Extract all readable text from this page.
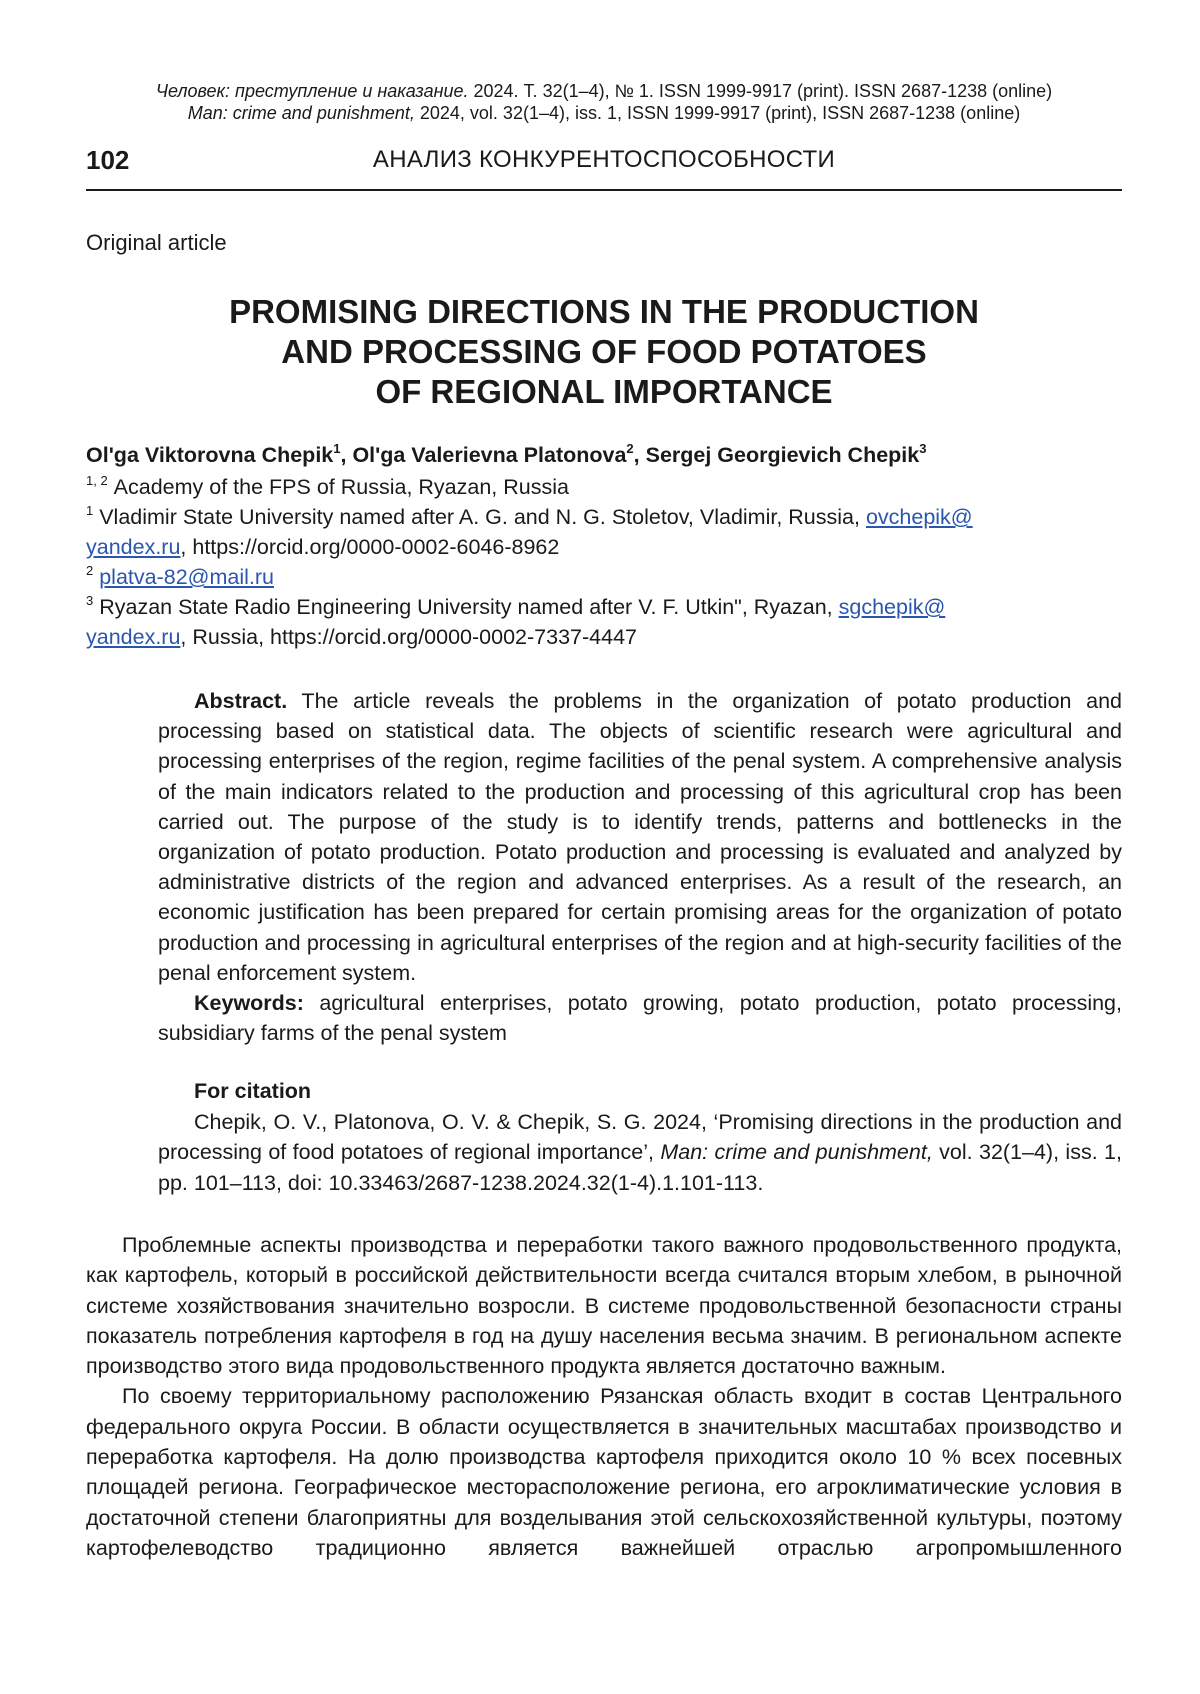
Человек: преступление и наказание. 2024. Т. 32(1–4), № 1. ISSN 1999-9917 (print). ISSN 2687-1238 (online)
Man: crime and punishment, 2024, vol. 32(1–4), iss. 1, ISSN 1999-9917 (print), ISSN 2687-1238 (online)
102	АНАЛИЗ КОНКУРЕНТОСПОСОБНОСТИ
Original article
PROMISING DIRECTIONS IN THE PRODUCTION
AND PROCESSING OF FOOD POTATOES
OF REGIONAL IMPORTANCE
Ol'ga Viktorovna Chepik$^1$, Ol'ga Valerievna Platonova$^2$, Sergej Georgievich Chepik$^3$
$^{1, 2}$ Academy of the FPS of Russia, Ryazan, Russia
$^1$ Vladimir State University named after A. G. and N. G. Stoletov, Vladimir, Russia, ovchepik@
yandex.ru, https://orcid.org/0000-0002-6046-8962
$^2$ platva-82@mail.ru
$^3$ Ryazan State Radio Engineering University named after V. F. Utkin", Ryazan, sgchepik@
yandex.ru, Russia, https://orcid.org/0000-0002-7337-4447

Abstract. The article reveals the problems in the organization of potato production and processing based on statistical data. The objects of scientific research were agricultural and processing enterprises of the region, regime facilities of the penal system. A comprehensive analysis of the main indicators related to the production and processing of this agricultural crop has been carried out. The purpose of the study is to identify trends, patterns and bottlenecks in the organization of potato production. Potato production and processing is evaluated and analyzed by administrative districts of the region and advanced enterprises. As a result of the research, an economic justification has been prepared for certain promising areas for the organization of potato production and processing in agricultural enterprises of the region and at high-security facilities of the penal enforcement system.

Keywords: agricultural enterprises, potato growing, potato production, potato processing, subsidiary farms of the penal system

For citation

Chepik, O. V., Platonova, O. V. & Chepik, S. G. 2024, ‘Promising directions in the production and processing of food potatoes of regional importance’, Man: crime and punishment, vol. 32(1–4), iss. 1, pp. 101–113, doi: 10.33463/2687-1238.2024.32(1-4).1.101-113.

Проблемные аспекты производства и переработки такого важного продовольственного продукта, как картофель, который в российской действительности всегда считался вторым хлебом, в рыночной системе хозяйствования значительно возросли. В системе продовольственной безопасности страны показатель потребления картофеля в год на душу населения весьма значим. В региональном аспекте производство этого вида продовольственного продукта является достаточно важным.

По своему территориальному расположению Рязанская область входит в состав Центрального федерального округа России. В области осуществляется в значительных масштабах производство и переработка картофеля. На долю производства картофеля приходится около 10 % всех посевных площадей региона. Географическое месторасположение региона, его агроклиматические условия в достаточной степени благоприятны для возделывания этой сельскохозяйственной культуры, поэтому картофелеводство традиционно является важнейшей отраслью агропромышленного
